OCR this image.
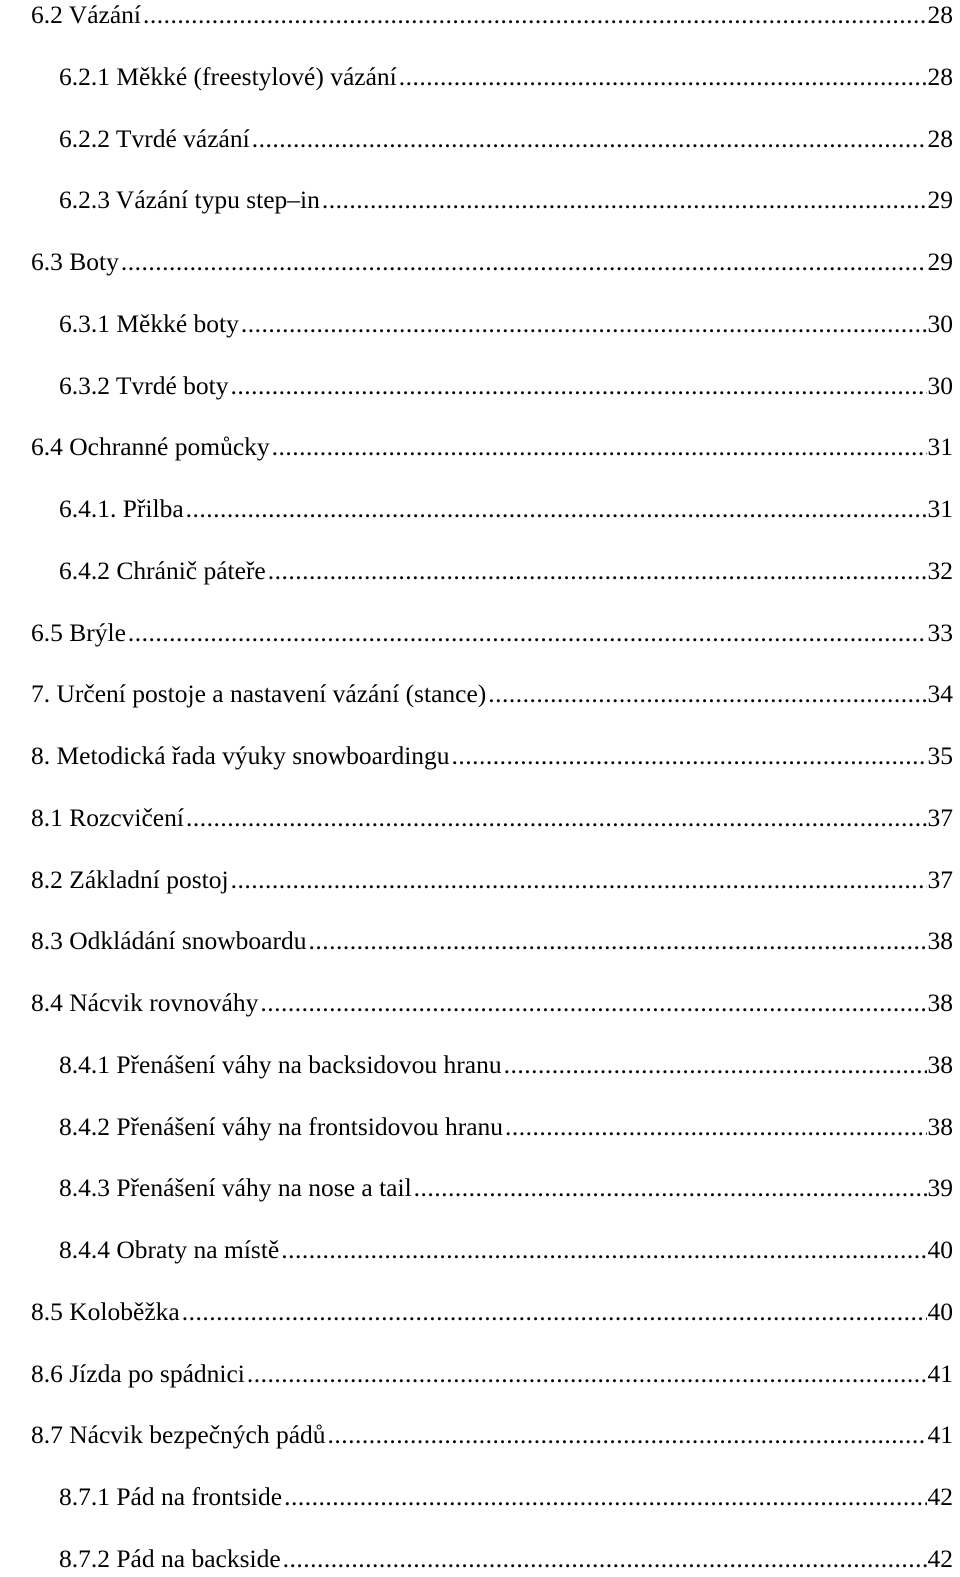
6.2 Vázání .....	28
6.2.1 Měkké (freestylové) vázání .....	28
6.2.2 Tvrdé vázání .....	28
6.2.3 Vázání typu step–in .....	29
6.3 Boty .....	29
6.3.1 Měkké boty .....	30
6.3.2 Tvrdé boty .....	30
6.4 Ochranné pomůcky .....	31
6.4.1. Přilba .....	31
6.4.2 Chránič páteře .....	32
6.5 Brýle .....	33
7. Určení postoje a nastavení vázání (stance) .....	34
8. Metodická řada výuky snowboardingu .....	35
8.1 Rozcvičení .....	37
8.2 Základní postoj .....	37
8.3 Odkládání snowboardu .....	38
8.4 Nácvik rovnováhy .....	38
8.4.1 Přenášení váhy na backsidovou hranu .....	38
8.4.2 Přenášení váhy na frontsidovou hranu .....	38
8.4.3 Přenášení váhy na nose a tail .....	39
8.4.4 Obraty na místě .....	40
8.5 Koloběžka .....	40
8.6 Jízda po spádnici .....	41
8.7 Nácvik bezpečných pádů .....	41
8.7.1 Pád na frontside .....	42
8.7.2 Pád na backside .....	42
